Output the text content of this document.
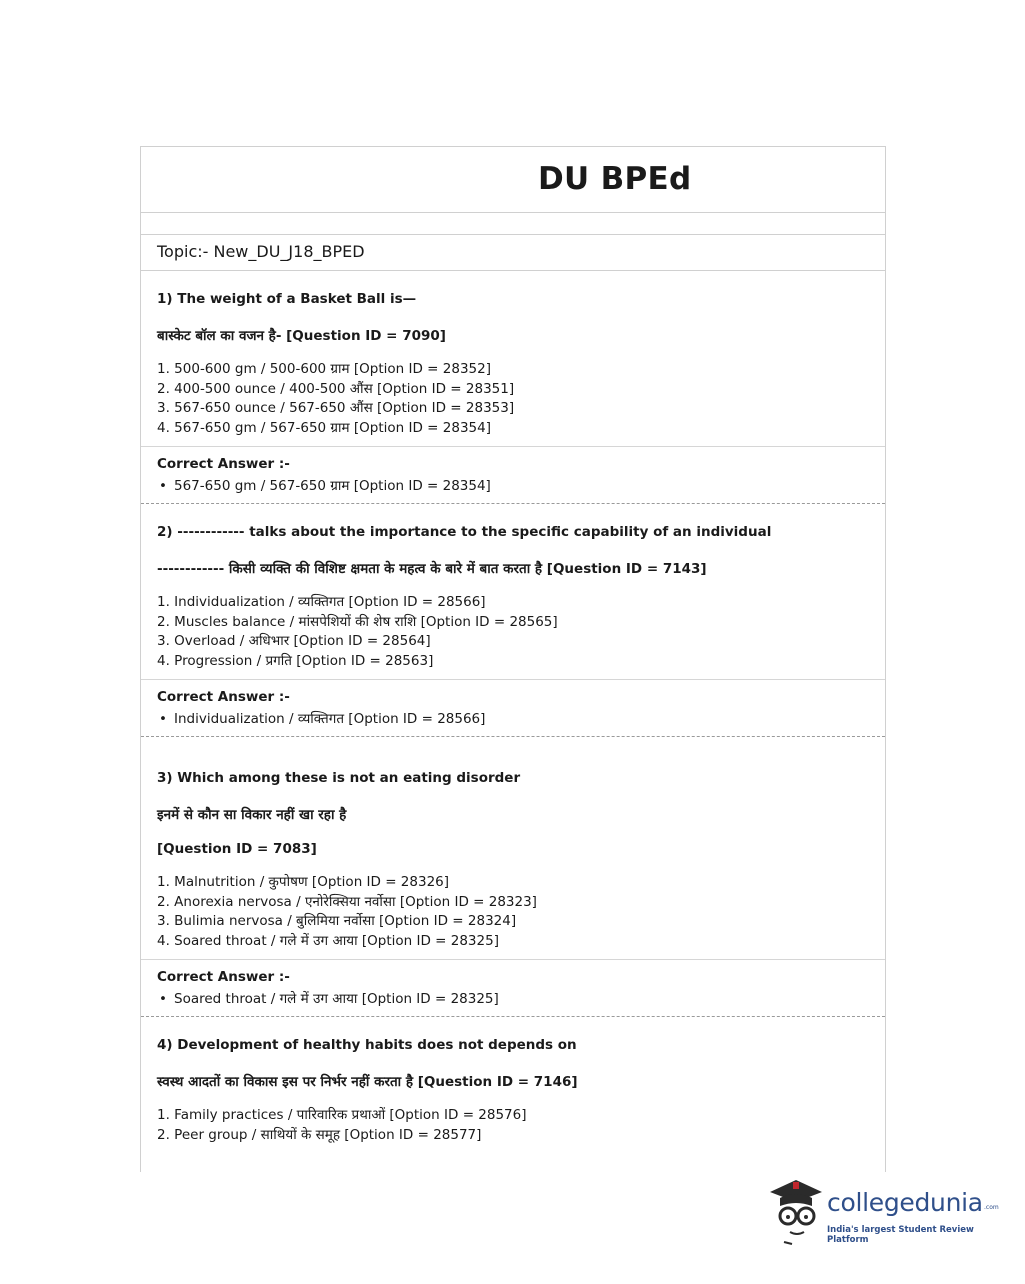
DU BPEd
Topic:- New_DU_J18_BPED
1) The weight of a Basket Ball is—
बास्केट बॉल का वजन है- [Question ID = 7090]
1. 500-600 gm / 500-600 ग्राम [Option ID = 28352]
2. 400-500 ounce / 400-500 औंस [Option ID = 28351]
3. 567-650 ounce / 567-650 औंस [Option ID = 28353]
4. 567-650 gm / 567-650 ग्राम [Option ID = 28354]
Correct Answer :-
• 567-650 gm / 567-650 ग्राम [Option ID = 28354]
2) ------------ talks about the importance to the specific capability of an individual
------------ किसी व्यक्ति की विशिष्ट क्षमता के महत्व के बारे में बात करता है [Question ID = 7143]
1. Individualization / व्यक्तिगत [Option ID = 28566]
2. Muscles balance / मांसपेशियों की शेष राशि [Option ID = 28565]
3. Overload / अधिभार [Option ID = 28564]
4. Progression / प्रगति [Option ID = 28563]
Correct Answer :-
• Individualization / व्यक्तिगत [Option ID = 28566]
3) Which among these is not an eating disorder
इनमें से कौन सा विकार नहीं खा रहा है
[Question ID = 7083]
1. Malnutrition / कुपोषण [Option ID = 28326]
2. Anorexia nervosa / एनोरेक्सिया नर्वोसा [Option ID = 28323]
3. Bulimia nervosa / बुलिमिया नर्वोसा [Option ID = 28324]
4. Soared throat / गले में उग आया [Option ID = 28325]
Correct Answer :-
• Soared throat / गले में उग आया [Option ID = 28325]
4) Development of healthy habits does not depends on
स्वस्थ आदतों का विकास इस पर निर्भर नहीं करता है [Question ID = 7146]
1. Family practices / पारिवारिक प्रथाओं [Option ID = 28576]
2. Peer group / साथियों के समूह [Option ID = 28577]
collegedunia .com
India's largest Student Review Platform
